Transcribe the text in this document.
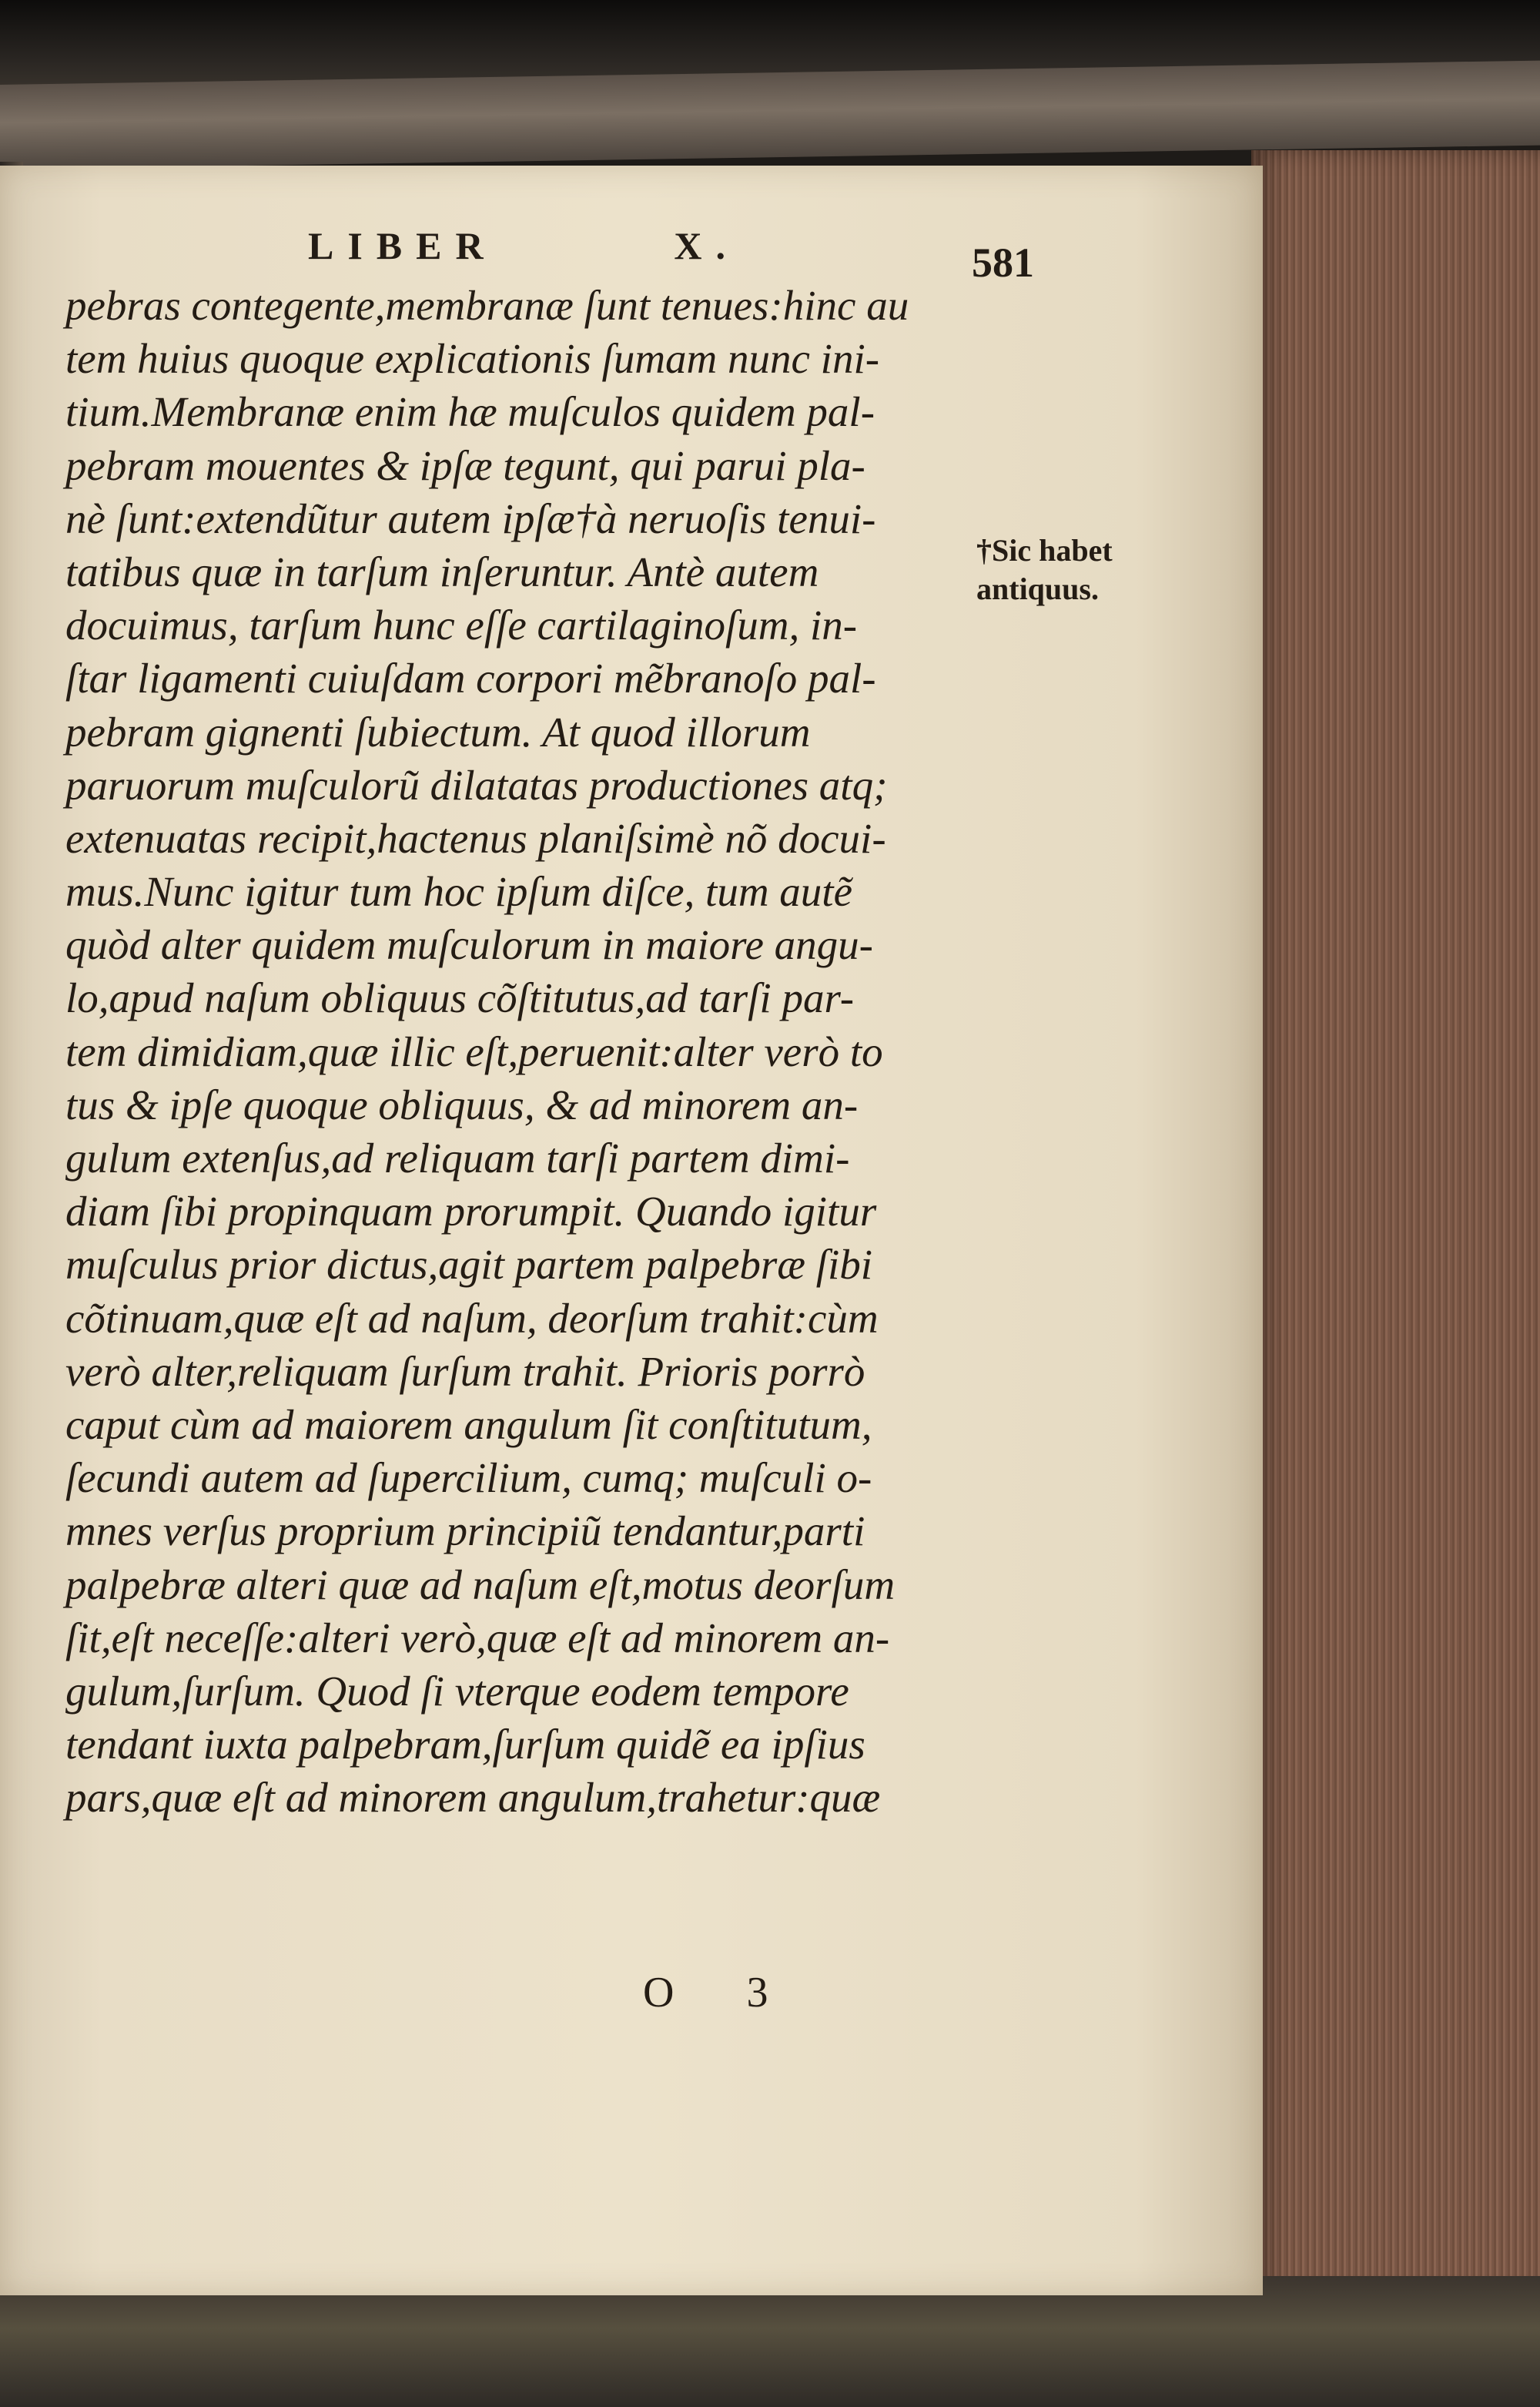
LIBER	X.	581
pebras contegente,membranæ ſunt tenues:hinc au
tem huius quoque explicationis ſumam nunc ini-
tium.Membranæ enim hæ muſculos quidem pal-
pebram mouentes & ipſæ tegunt, qui parui pla-
nè ſunt:extendũtur autem ipſæ†à neruoſis tenui-
tatibus quæ in tarſum inſeruntur. Antè autem
docuimus, tarſum hunc eſſe cartilaginoſum, in-
ſtar ligamenti cuiuſdam corpori mẽbranoſo pal-
pebram gignenti ſubiectum. At quod illorum
paruorum muſculorũ dilatatas productiones atq;
extenuatas recipit,hactenus planiſsimè nõ docui-
mus.Nunc igitur tum hoc ipſum diſce, tum autẽ
quòd alter quidem muſculorum in maiore angu-
lo,apud naſum obliquus cõſtitutus,ad tarſi par-
tem dimidiam,quæ illic eſt,peruenit:alter verò to
tus & ipſe quoque obliquus, & ad minorem an-
gulum extenſus,ad reliquam tarſi partem dimi-
diam ſibi propinquam prorumpit. Quando igitur
muſculus prior dictus,agit partem palpebræ ſibi
cõtinuam,quæ eſt ad naſum, deorſum trahit:cùm
verò alter,reliquam ſurſum trahit. Prioris porrò
caput cùm ad maiorem angulum ſit conſtitutum,
ſecundi autem ad ſupercilium, cumq; muſculi o-
mnes verſus proprium principiũ tendantur,parti
palpebræ alteri quæ ad naſum eſt,motus deorſum
ſit,eſt neceſſe:alteri verò,quæ eſt ad minorem an-
gulum,ſurſum. Quod ſi vterque eodem tempore
tendant iuxta palpebram,ſurſum quidẽ ea ipſius
pars,quæ eſt ad minorem angulum,trahetur:quæ
†Sic habet
antiquus.
O 3
